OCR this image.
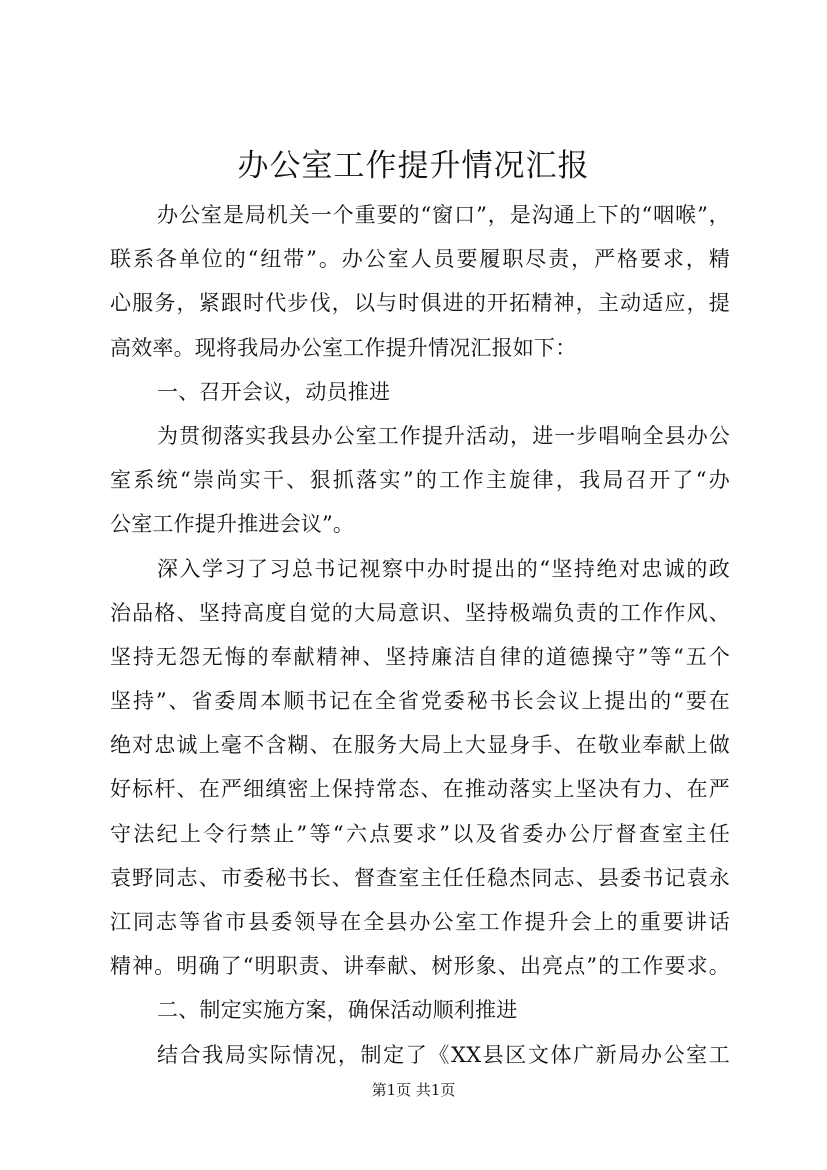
办公室工作提升情况汇报
办公室是局机关一个重要的“窗口”，是沟通上下的“咽喉”，
联系各单位的“纽带”。办公室人员要履职尽责，严格要求，精
心服务，紧跟时代步伐，以与时俱进的开拓精神，主动适应，提
高效率。现将我局办公室工作提升情况汇报如下：
一、召开会议，动员推进
为贯彻落实我县办公室工作提升活动，进一步唱响全县办公
室系统“崇尚实干、狠抓落实”的工作主旋律，我局召开了“办
公室工作提升推进会议”。
深入学习了习总书记视察中办时提出的“坚持绝对忠诚的政
治品格、坚持高度自觉的大局意识、坚持极端负责的工作作风、
坚持无怨无悔的奉献精神、坚持廉洁自律的道德操守”等“五个
坚持”、省委周本顺书记在全省党委秘书长会议上提出的“要在
绝对忠诚上毫不含糊、在服务大局上大显身手、在敬业奉献上做
好标杆、在严细缜密上保持常态、在推动落实上坚决有力、在严
守法纪上令行禁止”等“六点要求”以及省委办公厅督查室主任
袁野同志、市委秘书长、督查室主任任稳杰同志、县委书记袁永
江同志等省市县委领导在全县办公室工作提升会上的重要讲话
精神。明确了“明职责、讲奉献、树形象、出亮点”的工作要求。
二、制定实施方案，确保活动顺利推进
结合我局实际情况，制定了《XX县区文体广新局办公室工
第1页 共1页
